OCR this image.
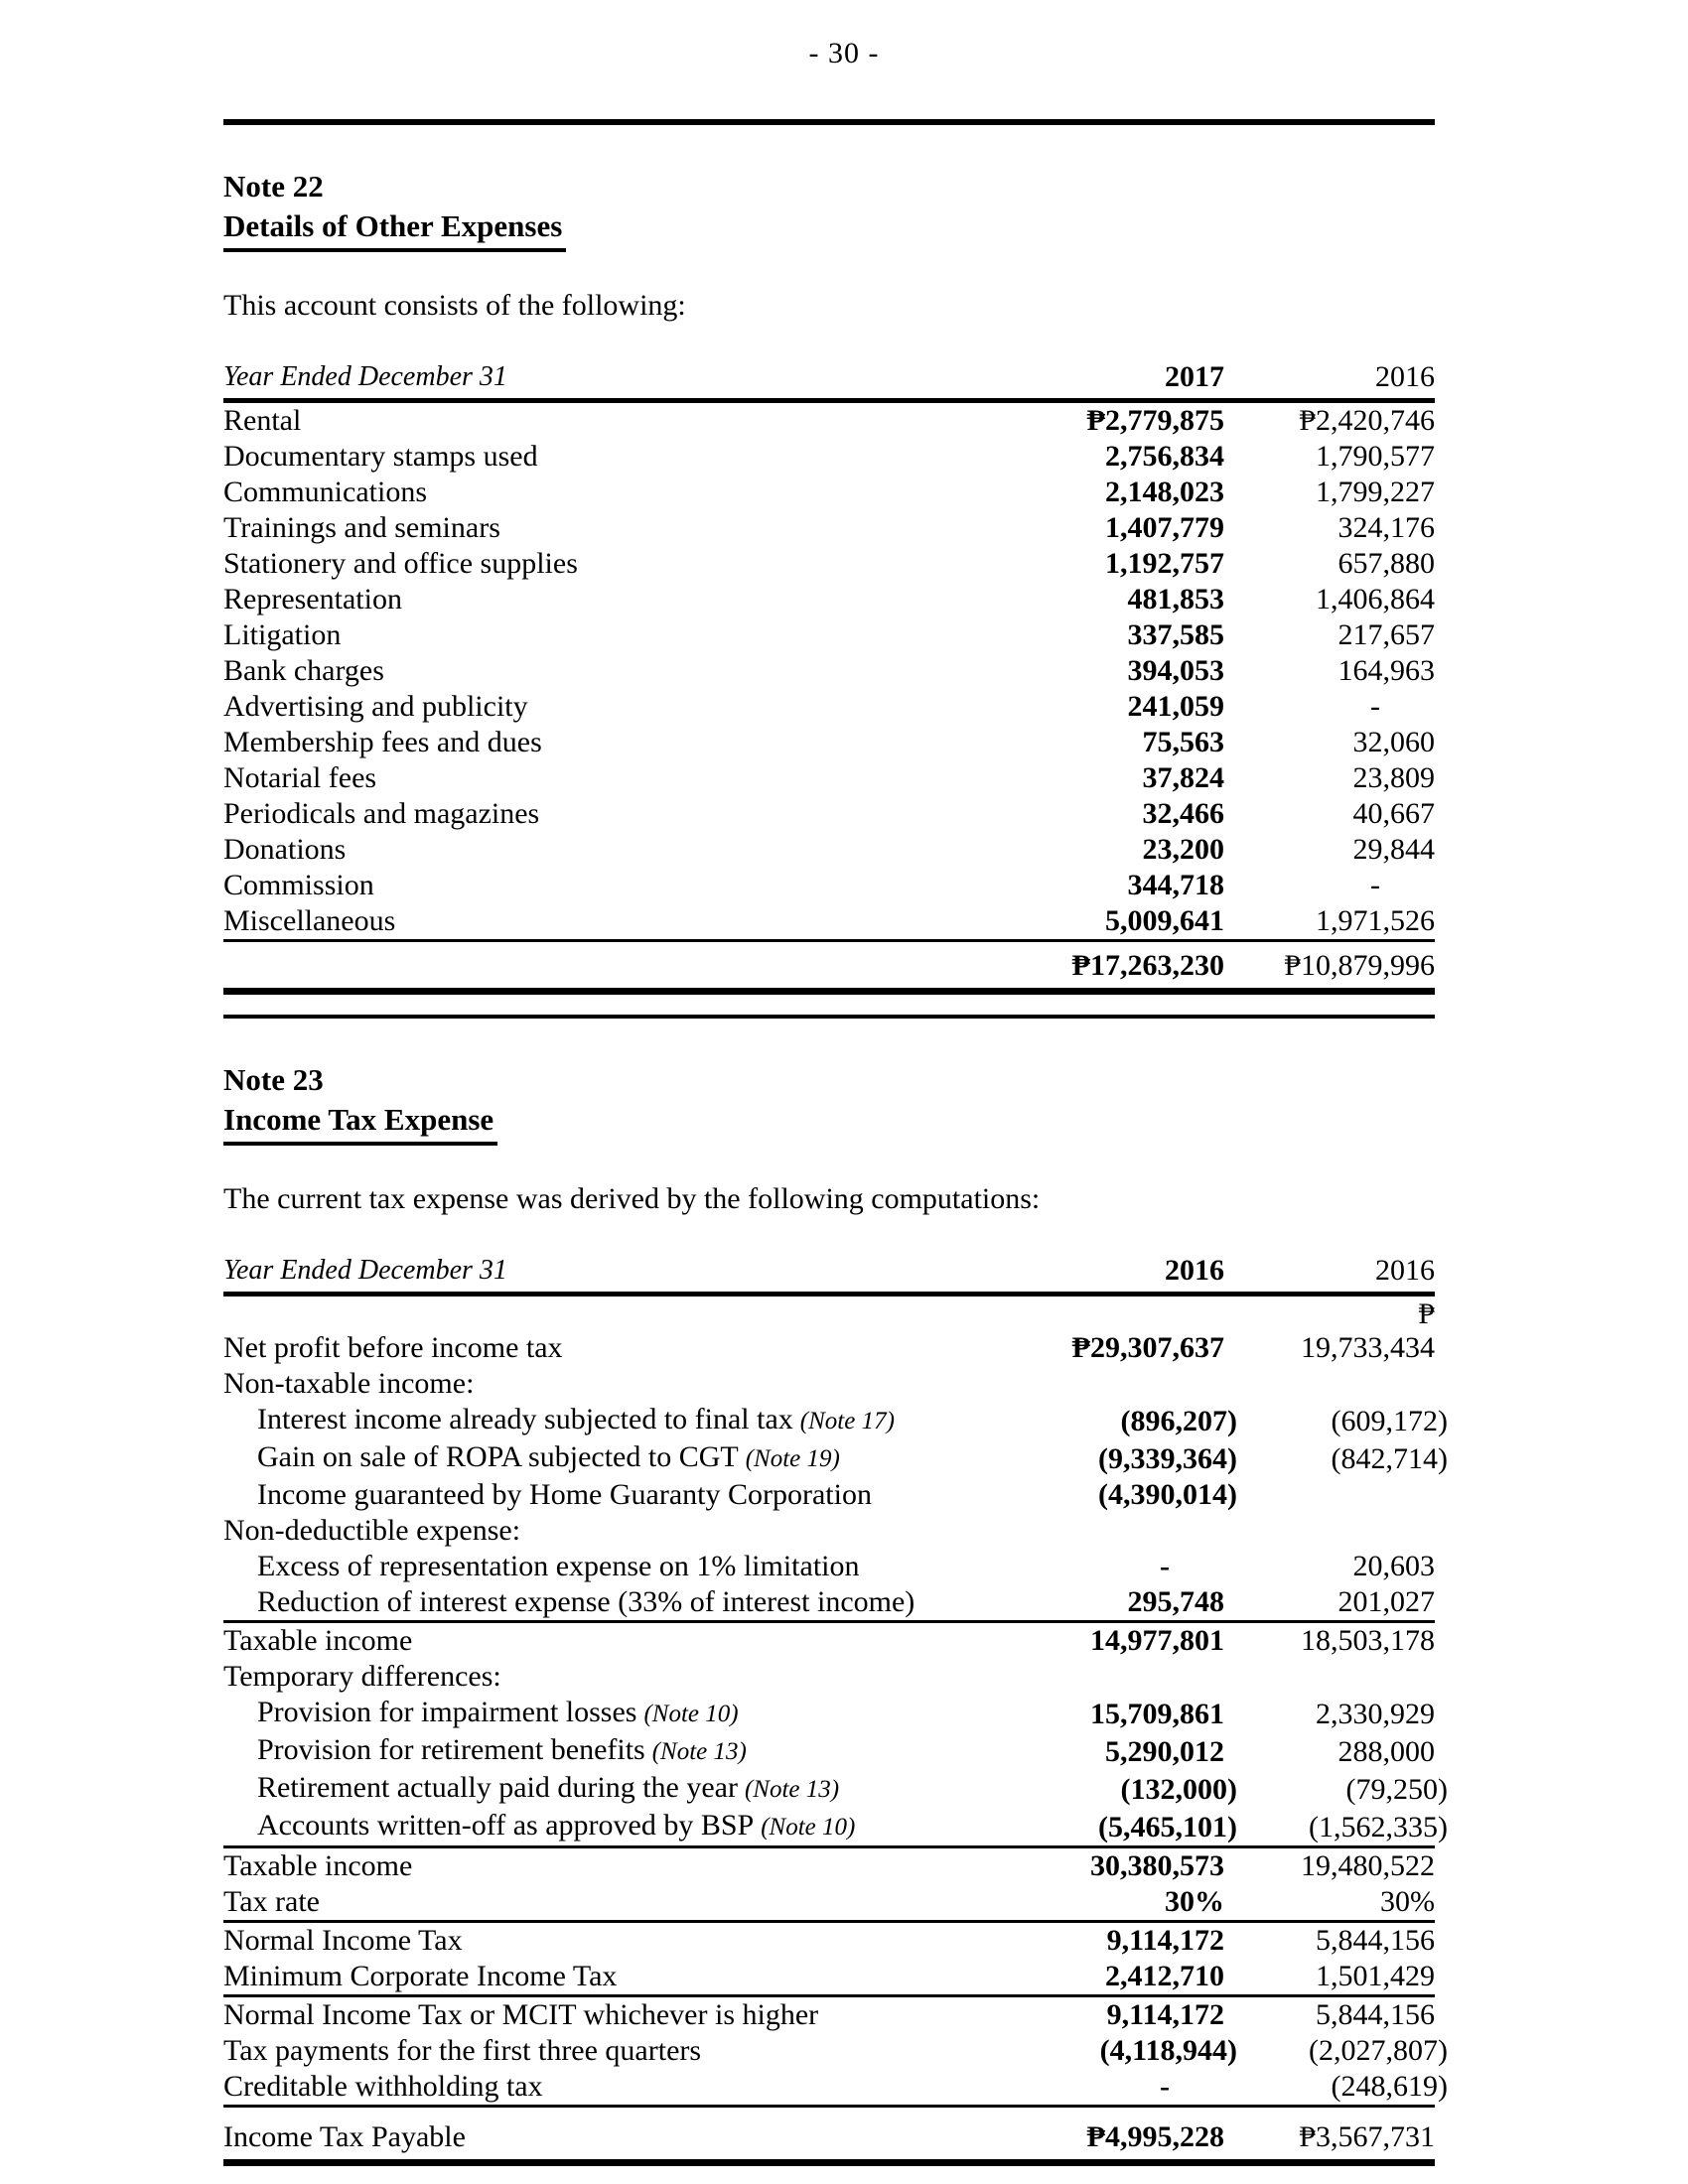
- 30 -
Note 22
Details of Other Expenses

This account consists of the following:

Year Ended December 31	2017	2016
Rental	₱2,779,875	₱2,420,746
Documentary stamps used	2,756,834	1,790,577
Communications	2,148,023	1,799,227
Trainings and seminars	1,407,779	324,176
Stationery and office supplies	1,192,757	657,880
Representation	481,853	1,406,864
Litigation	337,585	217,657
Bank charges	394,053	164,963
Advertising and publicity	241,059	-
Membership fees and dues	75,563	32,060
Notarial fees	37,824	23,809
Periodicals and magazines	32,466	40,667
Donations	23,200	29,844
Commission	344,718	-
Miscellaneous	5,009,641	1,971,526
	₱17,263,230	₱10,879,996
Note 23
Income Tax Expense

The current tax expense was derived by the following computations:

Year Ended December 31	2016	2016
		₱
Net profit before income tax	₱29,307,637	19,733,434
Non-taxable income:		
Interest income already subjected to final tax (Note 17)	(896,207)	(609,172)
Gain on sale of ROPA subjected to CGT (Note 19)	(9,339,364)	(842,714)
Income guaranteed by Home Guaranty Corporation	(4,390,014)	
Non-deductible expense:		
Excess of representation expense on 1% limitation	-	20,603
Reduction of interest expense (33% of interest income)	295,748	201,027
Taxable income	14,977,801	18,503,178
Temporary differences:		
Provision for impairment losses (Note 10)	15,709,861	2,330,929
Provision for retirement benefits (Note 13)	5,290,012	288,000
Retirement actually paid during the year (Note 13)	(132,000)	(79,250)
Accounts written-off as approved by BSP (Note 10)	(5,465,101)	(1,562,335)
Taxable income	30,380,573	19,480,522
Tax rate	30%	30%
Normal Income Tax	9,114,172	5,844,156
Minimum Corporate Income Tax	2,412,710	1,501,429
Normal Income Tax or MCIT whichever is higher	9,114,172	5,844,156
Tax payments for the first three quarters	(4,118,944)	(2,027,807)
Creditable withholding tax	-	(248,619)
Income Tax Payable	₱4,995,228	₱3,567,731
